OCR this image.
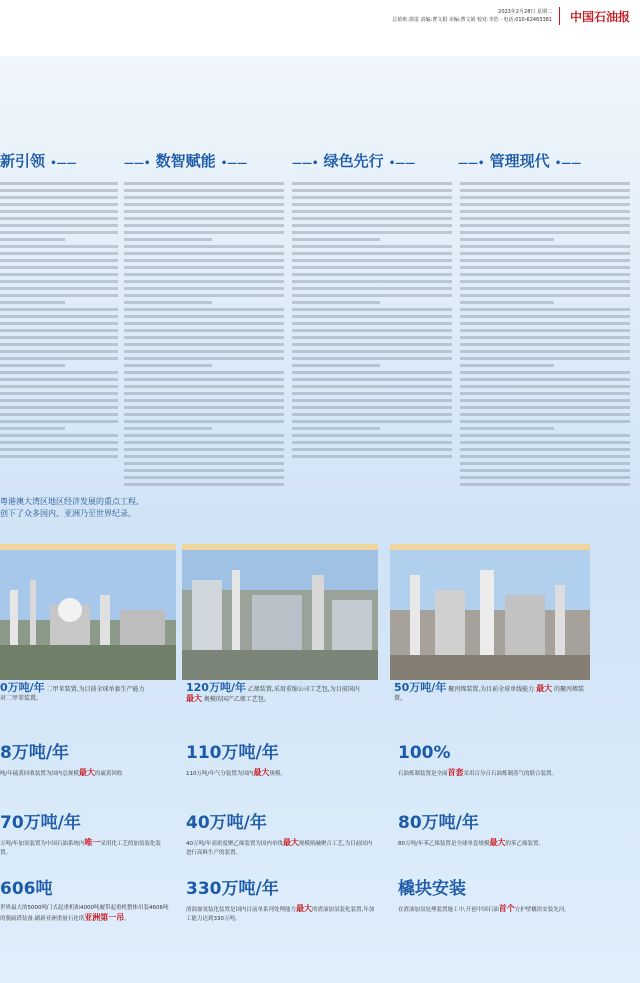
2023年2月28日 星期二
总值班:郭雷 责编:曹文娟 美编:曹文娟 校对:李浩 · 电话:010-62463381 中国石油报
新引领 •——	——• 数智赋能 •——	——• 绿色先行 •——	——• 管理现代 •——
粤港澳大湾区地区经济发展的重点工程,
创下了众多国内、亚洲乃至世界纪录。
0万吨/年 二甲苯装置,为目前全球单套生产能力
对二甲苯装置。
120万吨/年 乙烯装置,采用重缩公司工艺包,为目前国内
最大 规模的国产乙烯工艺包。
50万吨/年 聚丙烯装置,为目前全球单线能力 最大 的聚丙烯装置。
8万吨/年
吨/年硫黄回收装置为国内总规模最大的硫黄回收
110万吨/年
110万吨/年气分装置为国内最大规模。
100%
石油炼制装置是全面首套采用百分百石油炼制蒸气的联合装置。
70万吨/年
万吨/年加氢装置为中国石油系统内唯一采用化工艺的加氢装化装置。
40万吨/年
40万吨/年高密度聚乙烯装置为国内单线最大规模熔融聚合工艺,为目前国内进行高料生产的装置。
80万吨/年
80万吨/年苯乙烯装置是全球单套规模最大的苯乙烯装置。
606吨
世界最大的5000吨门式起重机和4000吨履带起重机整体吊装4606吨的脱硫塔装备,刷新亚洲重量石化塔亚洲第一吊。
330万吨/年
渣油加氢装化装置是国内目前单系列处理能力最大的渣油加氢装化装置,年加工能力达到330万吨。
橇块安装
在渣油加氢处理装置施工中,开创中国石油首个方护壁橇块安装先河。
